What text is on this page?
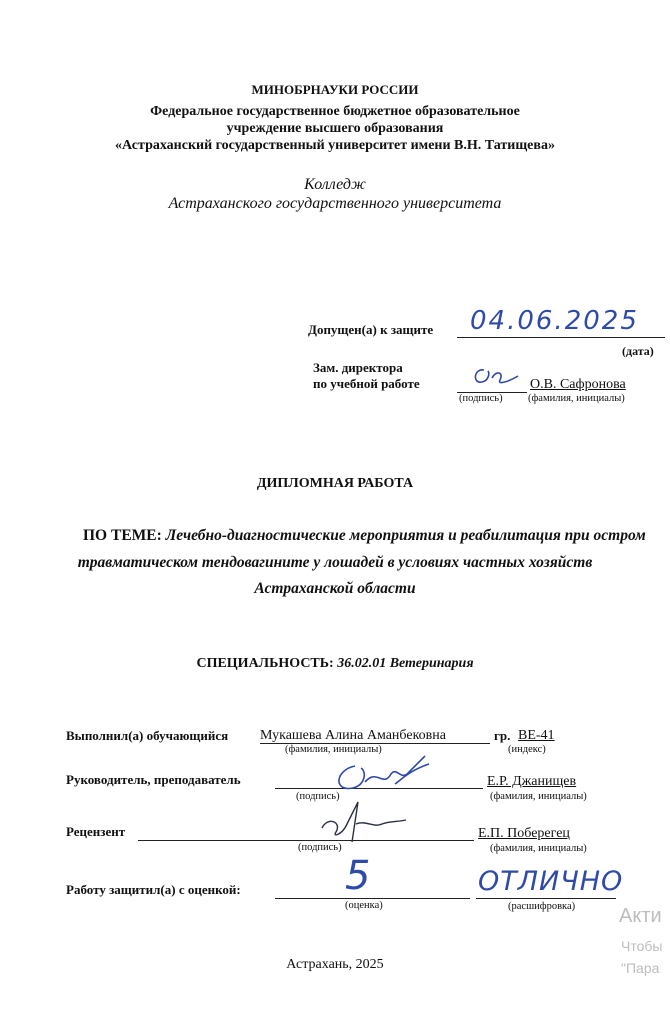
МИНОБРНАУКИ РОССИИ
Федеральное государственное бюджетное образовательное
учреждение высшего образования
«Астраханский государственный университет имени В.Н. Татищева»
Колледж
Астраханского государственного университета
Допущен(а) к защите 04.06.2025
(дата)
Зам. директора
по учебной работе
(подпись)
О.В. Сафронова
(фамилия, инициалы)
ДИПЛОМНАЯ РАБОТА
ПО ТЕМЕ: Лечебно-диагностические мероприятия и реабилитация при остром
травматическом тендовагините у лошадей в условиях частных хозяйств
Астраханской области
СПЕЦИАЛЬНОСТЬ: 36.02.01 Ветеринария
Выполнил(а) обучающийся Мукашева Алина Аманбековна
(фамилия, инициалы)
гр. ВЕ-41
(индекс)
Руководитель, преподаватель
(подпись)
Е.Р. Джанищев
(фамилия, инициалы)
Рецензент
(подпись)
Е.П. Поберегец
(фамилия, инициалы)
Работу защитил(а) с оценкой:	5
(оценка)
ОТЛИЧНО
(расшифровка)
Астрахань, 2025
Акти
Чтобы
"Пара
